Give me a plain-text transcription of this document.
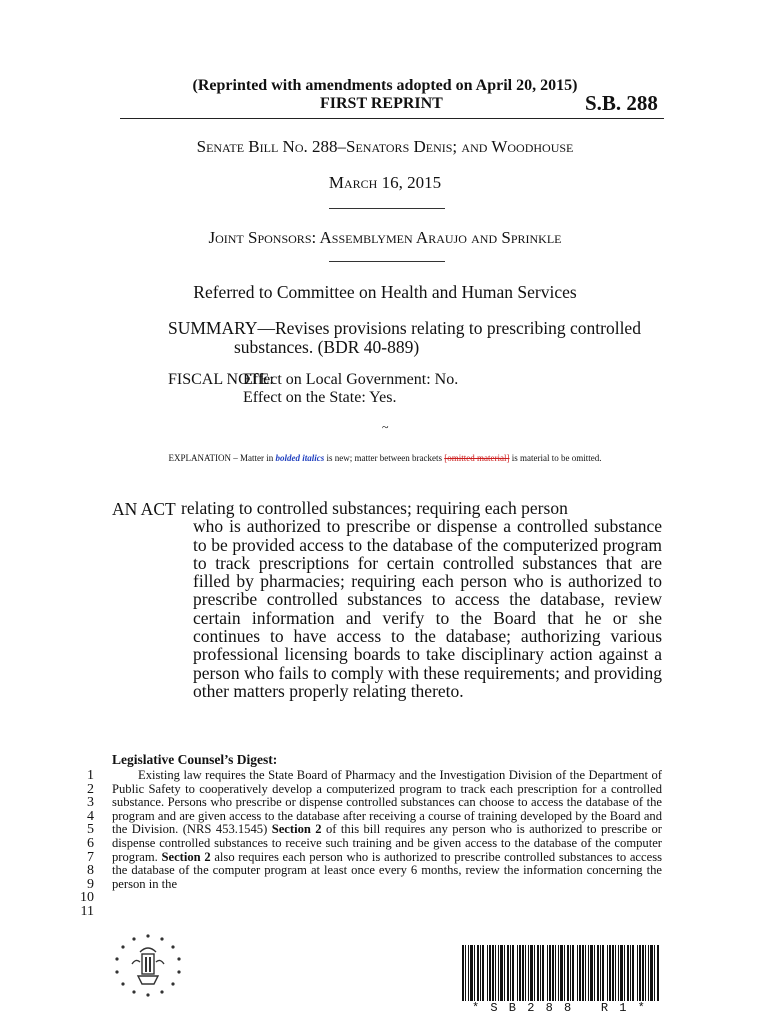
(Reprinted with amendments adopted on April 20, 2015)
FIRST REPRINT	S.B. 288
Senate Bill No. 288–Senators Denis; and Woodhouse
March 16, 2015
Joint Sponsors: Assemblymen Araujo and Sprinkle
Referred to Committee on Health and Human Services
SUMMARY—Revises provisions relating to prescribing controlled
substances. (BDR 40-889)
FISCAL NOTE:
Effect on Local Government: No.
Effect on the State: Yes.
~
EXPLANATION – Matter in bolded italics is new; matter between brackets [omitted material] is material to be omitted.
AN ACT relating to controlled substances; requiring each person
who is authorized to prescribe or dispense a controlled substance to be provided access to the database of the computerized program to track prescriptions for certain controlled substances that are filled by pharmacies; requiring each person who is authorized to prescribe controlled substances to access the database, review certain information and verify to the Board that he or she continues to have access to the database; authorizing various professional licensing boards to take disciplinary action against a person who fails to comply with these requirements; and providing other matters properly relating thereto.
Legislative Counsel’s Digest:
1
2
3
4
5
6
7
8
9
10
11
Existing law requires the State Board of Pharmacy and the Investigation Division of the Department of Public Safety to cooperatively develop a computerized program to track each prescription for a controlled substance. Persons who prescribe or dispense controlled substances can choose to access the database of the program and are given access to the database after receiving a course of training developed by the Board and the Division. (NRS 453.1545) Section 2 of this bill requires any person who is authorized to prescribe or dispense controlled substances to receive such training and be given access to the database of the computer program. Section 2 also requires each person who is authorized to prescribe controlled substances to access the database of the computer program at least once every 6 months, review the information concerning the person in the
* S B 2 8 8   R 1 *
